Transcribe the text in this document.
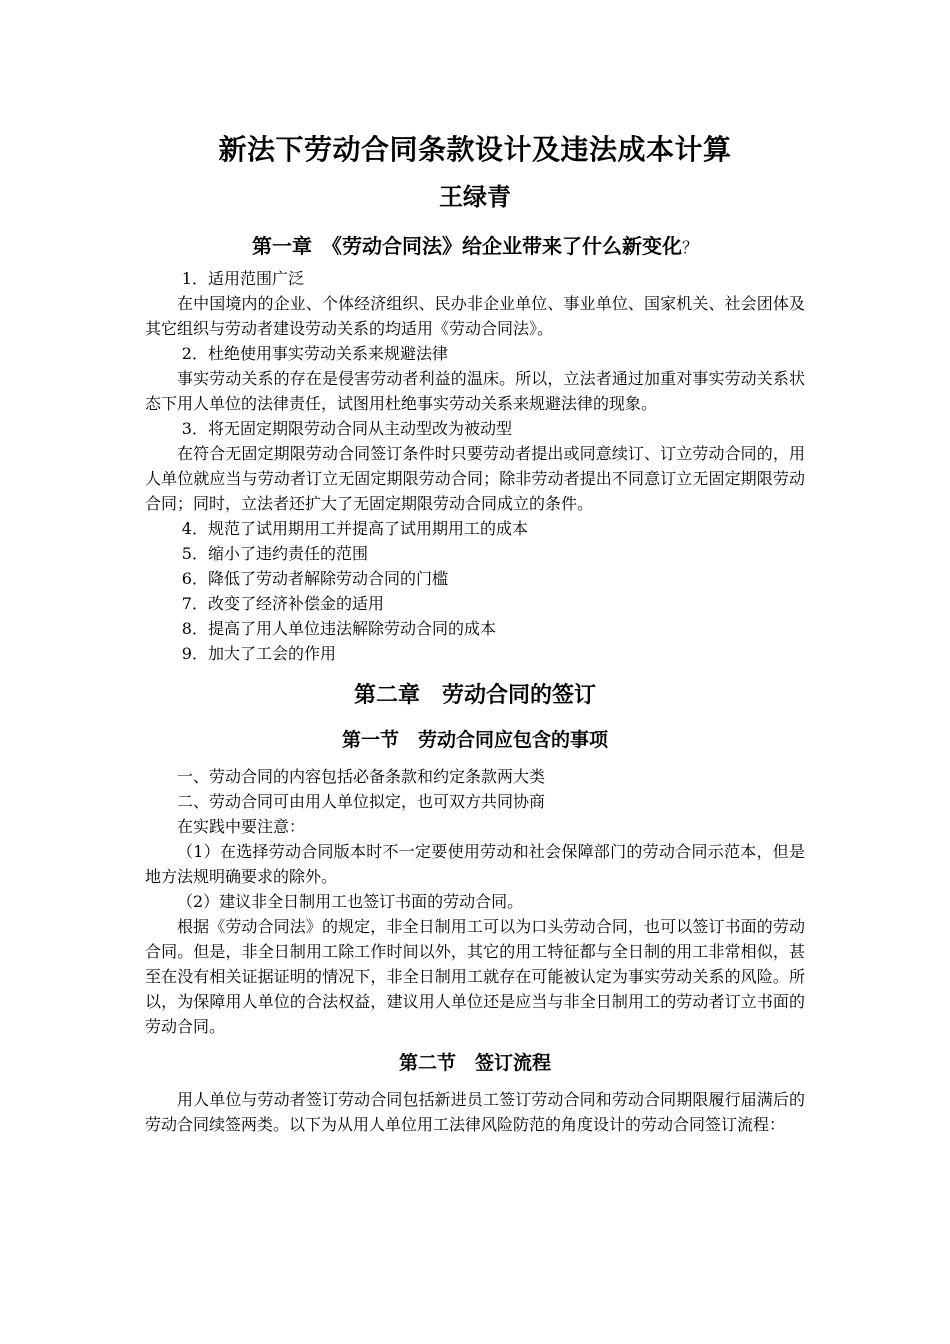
新法下劳动合同条款设计及违法成本计算
王绿青
第一章　《劳动合同法》给企业带来了什么新变化？

1．适用范围广泛

在中国境内的企业、个体经济组织、民办非企业单位、事业单位、国家机关、社会团体及其它组织与劳动者建设劳动关系的均适用《劳动合同法》。

2．杜绝使用事实劳动关系来规避法律

事实劳动关系的存在是侵害劳动者利益的温床。所以，立法者通过加重对事实劳动关系状态下用人单位的法律责任，试图用杜绝事实劳动关系来规避法律的现象。

3．将无固定期限劳动合同从主动型改为被动型

在符合无固定期限劳动合同签订条件时只要劳动者提出或同意续订、订立劳动合同的，用人单位就应当与劳动者订立无固定期限劳动合同；除非劳动者提出不同意订立无固定期限劳动合同；同时，立法者还扩大了无固定期限劳动合同成立的条件。

4．规范了试用期用工并提高了试用期用工的成本

5．缩小了违约责任的范围

6．降低了劳动者解除劳动合同的门槛

7．改变了经济补偿金的适用

8．提高了用人单位违法解除劳动合同的成本

9．加大了工会的作用

第二章　劳动合同的签订
第一节　劳动合同应包含的事项

一、劳动合同的内容包括必备条款和约定条款两大类

二、劳动合同可由用人单位拟定，也可双方共同协商

在实践中要注意：

（1）在选择劳动合同版本时不一定要使用劳动和社会保障部门的劳动合同示范本，但是地方法规明确要求的除外。

（2）建议非全日制用工也签订书面的劳动合同。

根据《劳动合同法》的规定，非全日制用工可以为口头劳动合同，也可以签订书面的劳动合同。但是，非全日制用工除工作时间以外，其它的用工特征都与全日制的用工非常相似，甚至在没有相关证据证明的情况下，非全日制用工就存在可能被认定为事实劳动关系的风险。所以，为保障用人单位的合法权益，建议用人单位还是应当与非全日制用工的劳动者订立书面的劳动合同。

第二节　签订流程

用人单位与劳动者签订劳动合同包括新进员工签订劳动合同和劳动合同期限履行届满后的劳动合同续签两类。以下为从用人单位用工法律风险防范的角度设计的劳动合同签订流程：
